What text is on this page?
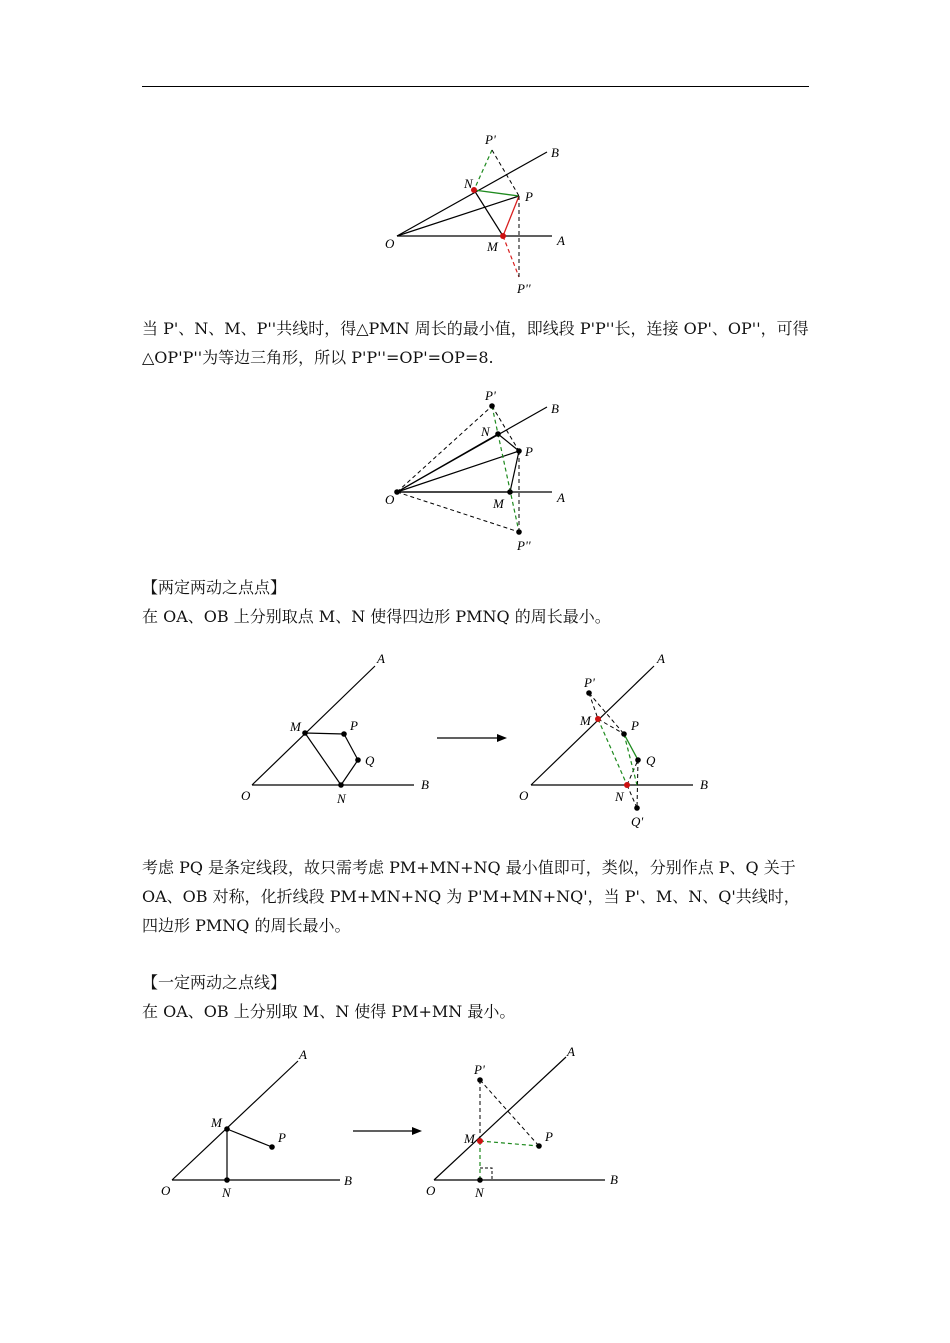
P'
B
N
P
O	M	A
P''

当 P'、N、M、P''共线时，得△PMN 周长的最小值，即线段 P'P''长，连接 OP'、OP''，可得△OP'P''为等边三角形，所以 P'P''=OP'=OP=8.

P'
B
N
P
O	M	A
P''

【两定两动之点点】

在 OA、OB 上分别取点 M、N 使得四边形 PMNQ 的周长最小。

A
M	P
Q
O	N
B
A
P'
M	P
Q
O	N
B
Q'

考虑 PQ 是条定线段，故只需考虑 PM+MN+NQ 最小值即可，类似，分别作点 P、Q 关于 OA、OB 对称，化折线段 PM+MN+NQ 为 P'M+MN+NQ'，当 P'、M、N、Q'共线时，四边形 PMNQ 的周长最小。

【一定两动之点线】

在 OA、OB 上分别取 M、N 使得 PM+MN 最小。

A
M
P
O	N
B
A
P'
M	P
O	N
B
